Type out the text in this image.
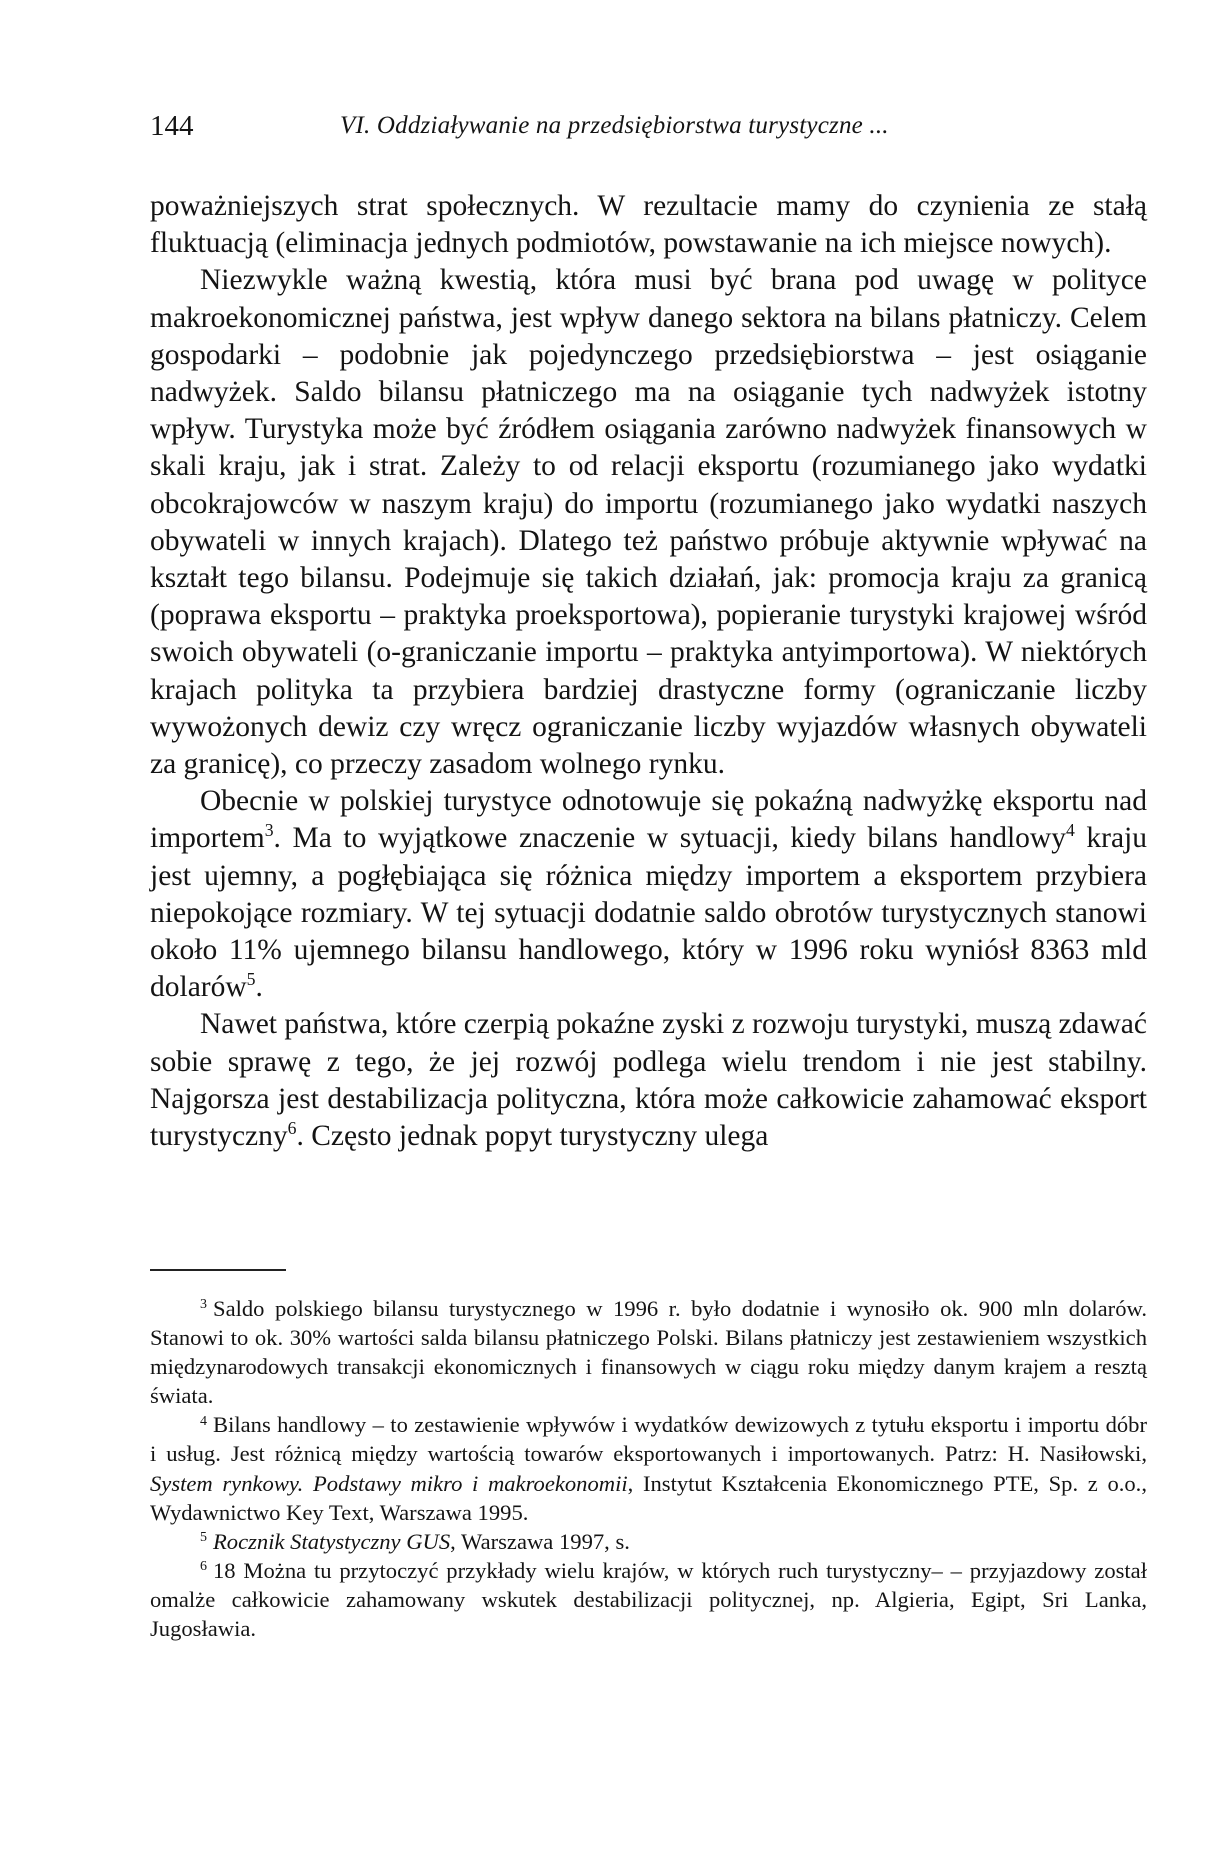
144	VI. Oddziaływanie na przedsiębiorstwa turystyczne ...

poważniejszych strat społecznych. W rezultacie mamy do czynienia ze stałą fluktuacją (eliminacja jednych podmiotów, powstawanie na ich miejsce nowych).

Niezwykle ważną kwestią, która musi być brana pod uwagę w polityce makroekonomicznej państwa, jest wpływ danego sektora na bilans płatniczy. Celem gospodarki – podobnie jak pojedynczego przedsiębiorstwa – jest osiąganie nadwyżek. Saldo bilansu płatniczego ma na osiąganie tych nadwyżek istotny wpływ. Turystyka może być źródłem osiągania zarówno nadwyżek finansowych w skali kraju, jak i strat. Zależy to od relacji eksportu (rozumianego jako wydatki obcokrajowców w naszym kraju) do importu (rozumianego jako wydatki naszych obywateli w innych krajach). Dlatego też państwo próbuje aktywnie wpływać na kształt tego bilansu. Podejmuje się takich działań, jak: promocja kraju za granicą (poprawa eksportu – praktyka proeksportowa), popieranie turystyki krajowej wśród swoich obywateli (o-graniczanie importu – praktyka antyimportowa). W niektórych krajach polityka ta przybiera bardziej drastyczne formy (ograniczanie liczby wywożonych dewiz czy wręcz ograniczanie liczby wyjazdów własnych obywateli za granicę), co przeczy zasadom wolnego rynku.

Obecnie w polskiej turystyce odnotowuje się pokaźną nadwyżkę eksportu nad importem$^3$. Ma to wyjątkowe znaczenie w sytuacji, kiedy bilans handlowy$^4$ kraju jest ujemny, a pogłębiająca się różnica między importem a eksportem przybiera niepokojące rozmiary. W tej sytuacji dodatnie saldo obrotów turystycznych stanowi około 11% ujemnego bilansu handlowego, który w 1996 roku wyniósł 8363 mld dolarów$^5$.

Nawet państwa, które czerpią pokaźne zyski z rozwoju turystyki, muszą zdawać sobie sprawę z tego, że jej rozwój podlega wielu trendom i nie jest stabilny. Najgorsza jest destabilizacja polityczna, która może całkowicie zahamować eksport turystyczny$^6$. Często jednak popyt turystyczny ulega

$^3$ Saldo polskiego bilansu turystycznego w 1996 r. było dodatnie i wynosiło ok. 900 mln dolarów. Stanowi to ok. 30% wartości salda bilansu płatniczego Polski. Bilans płatniczy jest zestawieniem wszystkich międzynarodowych transakcji ekonomicznych i finansowych w ciągu roku między danym krajem a resztą świata.

$^4$ Bilans handlowy – to zestawienie wpływów i wydatków dewizowych z tytułu eksportu i importu dóbr i usług. Jest różnicą między wartością towarów eksportowanych i importowanych. Patrz: H. Nasiłowski, System rynkowy. Podstawy mikro i makroekonomii, Instytut Kształcenia Ekonomicznego PTE, Sp. z o.o., Wydawnictwo Key Text, Warszawa 1995.

$^5$ Rocznik Statystyczny GUS, Warszawa 1997, s.

$^6$ 18 Można tu przytoczyć przykłady wielu krajów, w których ruch turystyczny– – przyjazdowy został omalże całkowicie zahamowany wskutek destabilizacji politycznej, np. Algieria, Egipt, Sri Lanka, Jugosławia.
